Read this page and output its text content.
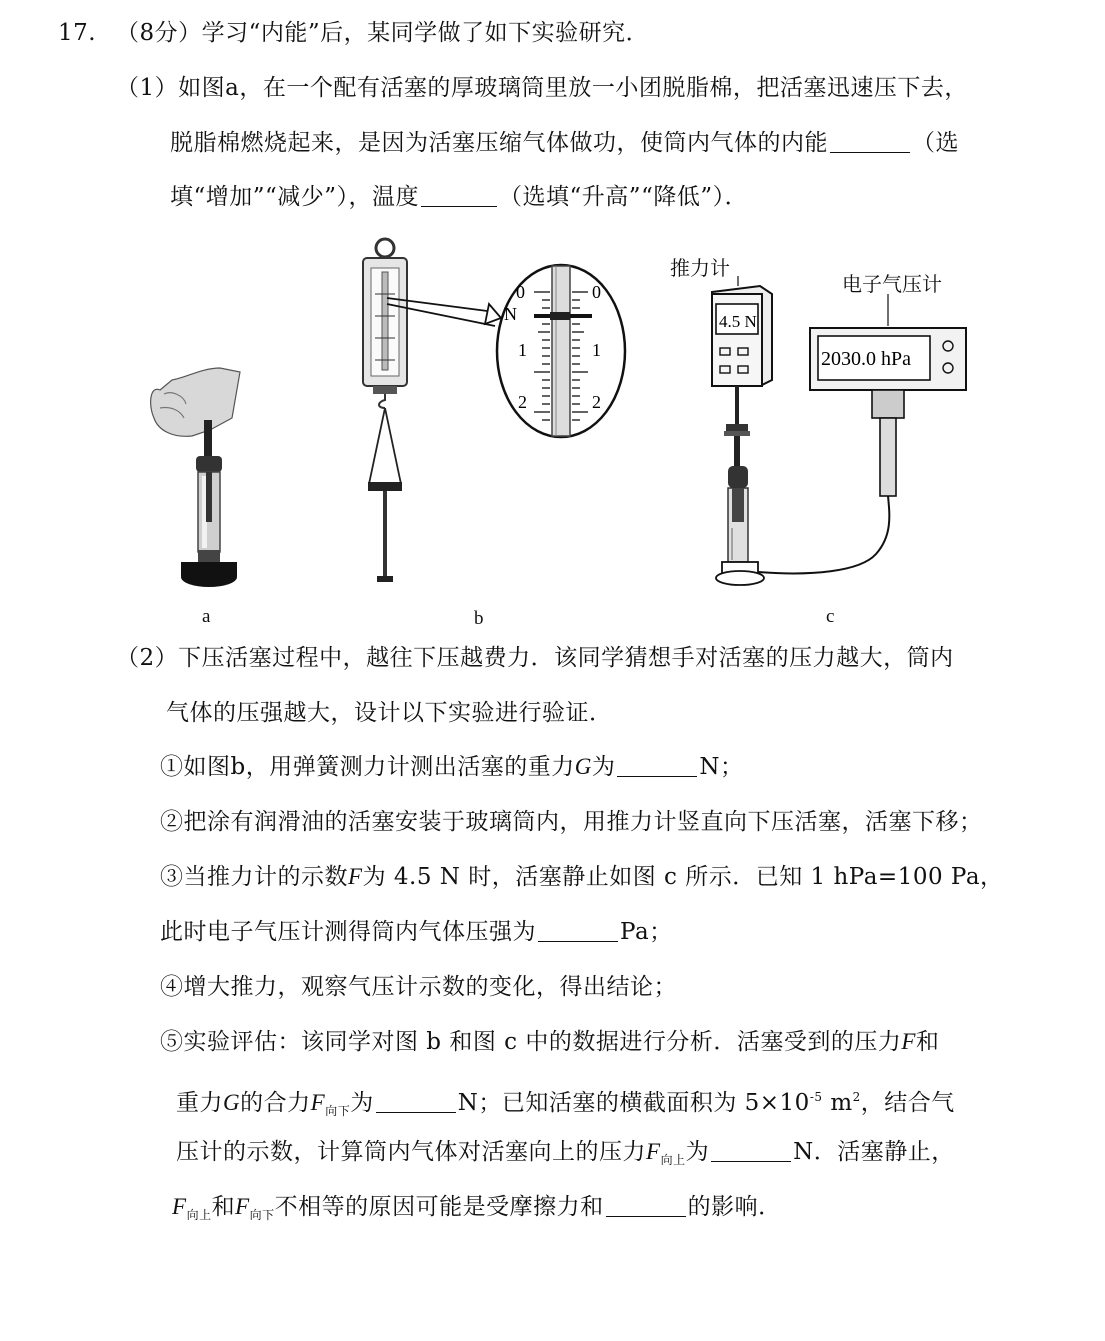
17. （8分）学习“内能”后，某同学做了如下实验研究．
（1）如图a，在一个配有活塞的厚玻璃筒里放一小团脱脂棉，把活塞迅速压下去，
脱脂棉燃烧起来，是因为活塞压缩气体做功，使筒内气体的内能	（选
填“增加”“减少”），温度	（选填“升高”“降低”）．
a
0	0
N
1	1
2	2
b
推力计
电子气压计
4.5 N
2030.0 hPa
c
（2）下压活塞过程中，越往下压越费力．该同学猜想手对活塞的压力越大，筒内
气体的压强越大，设计以下实验进行验证．
①如图b，用弹簧测力计测出活塞的重力G为	N；
②把涂有润滑油的活塞安装于玻璃筒内，用推力计竖直向下压活塞，活塞下移；
③当推力计的示数F为 4.5 N 时，活塞静止如图 c 所示．已知 1 hPa=100 Pa，
此时电子气压计测得筒内气体压强为	Pa；
④增大推力，观察气压计示数的变化，得出结论；
⑤实验评估：该同学对图 b 和图 c 中的数据进行分析．活塞受到的压力F和
重力G的合力$F_{向下}$为	N；已知活塞的横截面积为 $5\times 10^{-5}$ $m^2$，结合气
压计的示数，计算筒内气体对活塞向上的压力$F_{向上}$为	N．活塞静止，
$F_{向上}$和$F_{向下}$不相等的原因可能是受摩擦力和	的影响．
